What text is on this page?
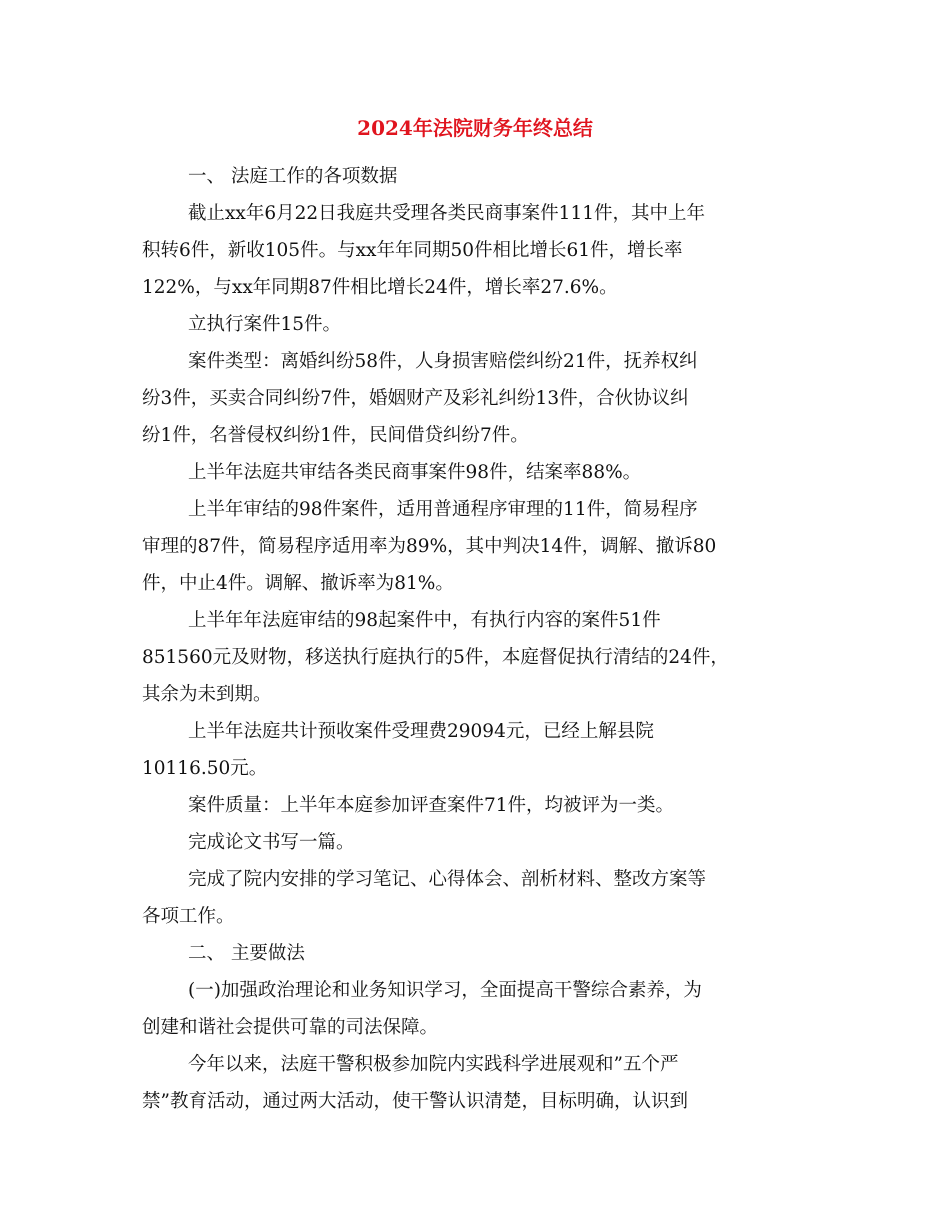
2024年法院财务年终总结
一、 法庭工作的各项数据
截止xx年6月22日我庭共受理各类民商事案件111件，其中上年
积转6件，新收105件。与xx年年同期50件相比增长61件，增长率
122%，与xx年同期87件相比增长24件，增长率27.6%。
立执行案件15件。
案件类型：离婚纠纷58件，人身损害赔偿纠纷21件，抚养权纠
纷3件，买卖合同纠纷7件，婚姻财产及彩礼纠纷13件，合伙协议纠
纷1件，名誉侵权纠纷1件，民间借贷纠纷7件。
上半年法庭共审结各类民商事案件98件，结案率88%。
上半年审结的98件案件，适用普通程序审理的11件，简易程序
审理的87件，简易程序适用率为89%，其中判决14件，调解、撤诉80
件，中止4件。调解、撤诉率为81%。
上半年年法庭审结的98起案件中，有执行内容的案件51件
851560元及财物，移送执行庭执行的5件，本庭督促执行清结的24件，
其余为未到期。
上半年法庭共计预收案件受理费29094元，已经上解县院
10116.50元。
案件质量：上半年本庭参加评查案件71件，均被评为一类。
完成论文书写一篇。
完成了院内安排的学习笔记、心得体会、剖析材料、整改方案等
各项工作。
二、 主要做法
(一)加强政治理论和业务知识学习，全面提高干警综合素养，为
创建和谐社会提供可靠的司法保障。
今年以来，法庭干警积极参加院内实践科学进展观和”五个严
禁”教育活动，通过两大活动，使干警认识清楚，目标明确，认识到
